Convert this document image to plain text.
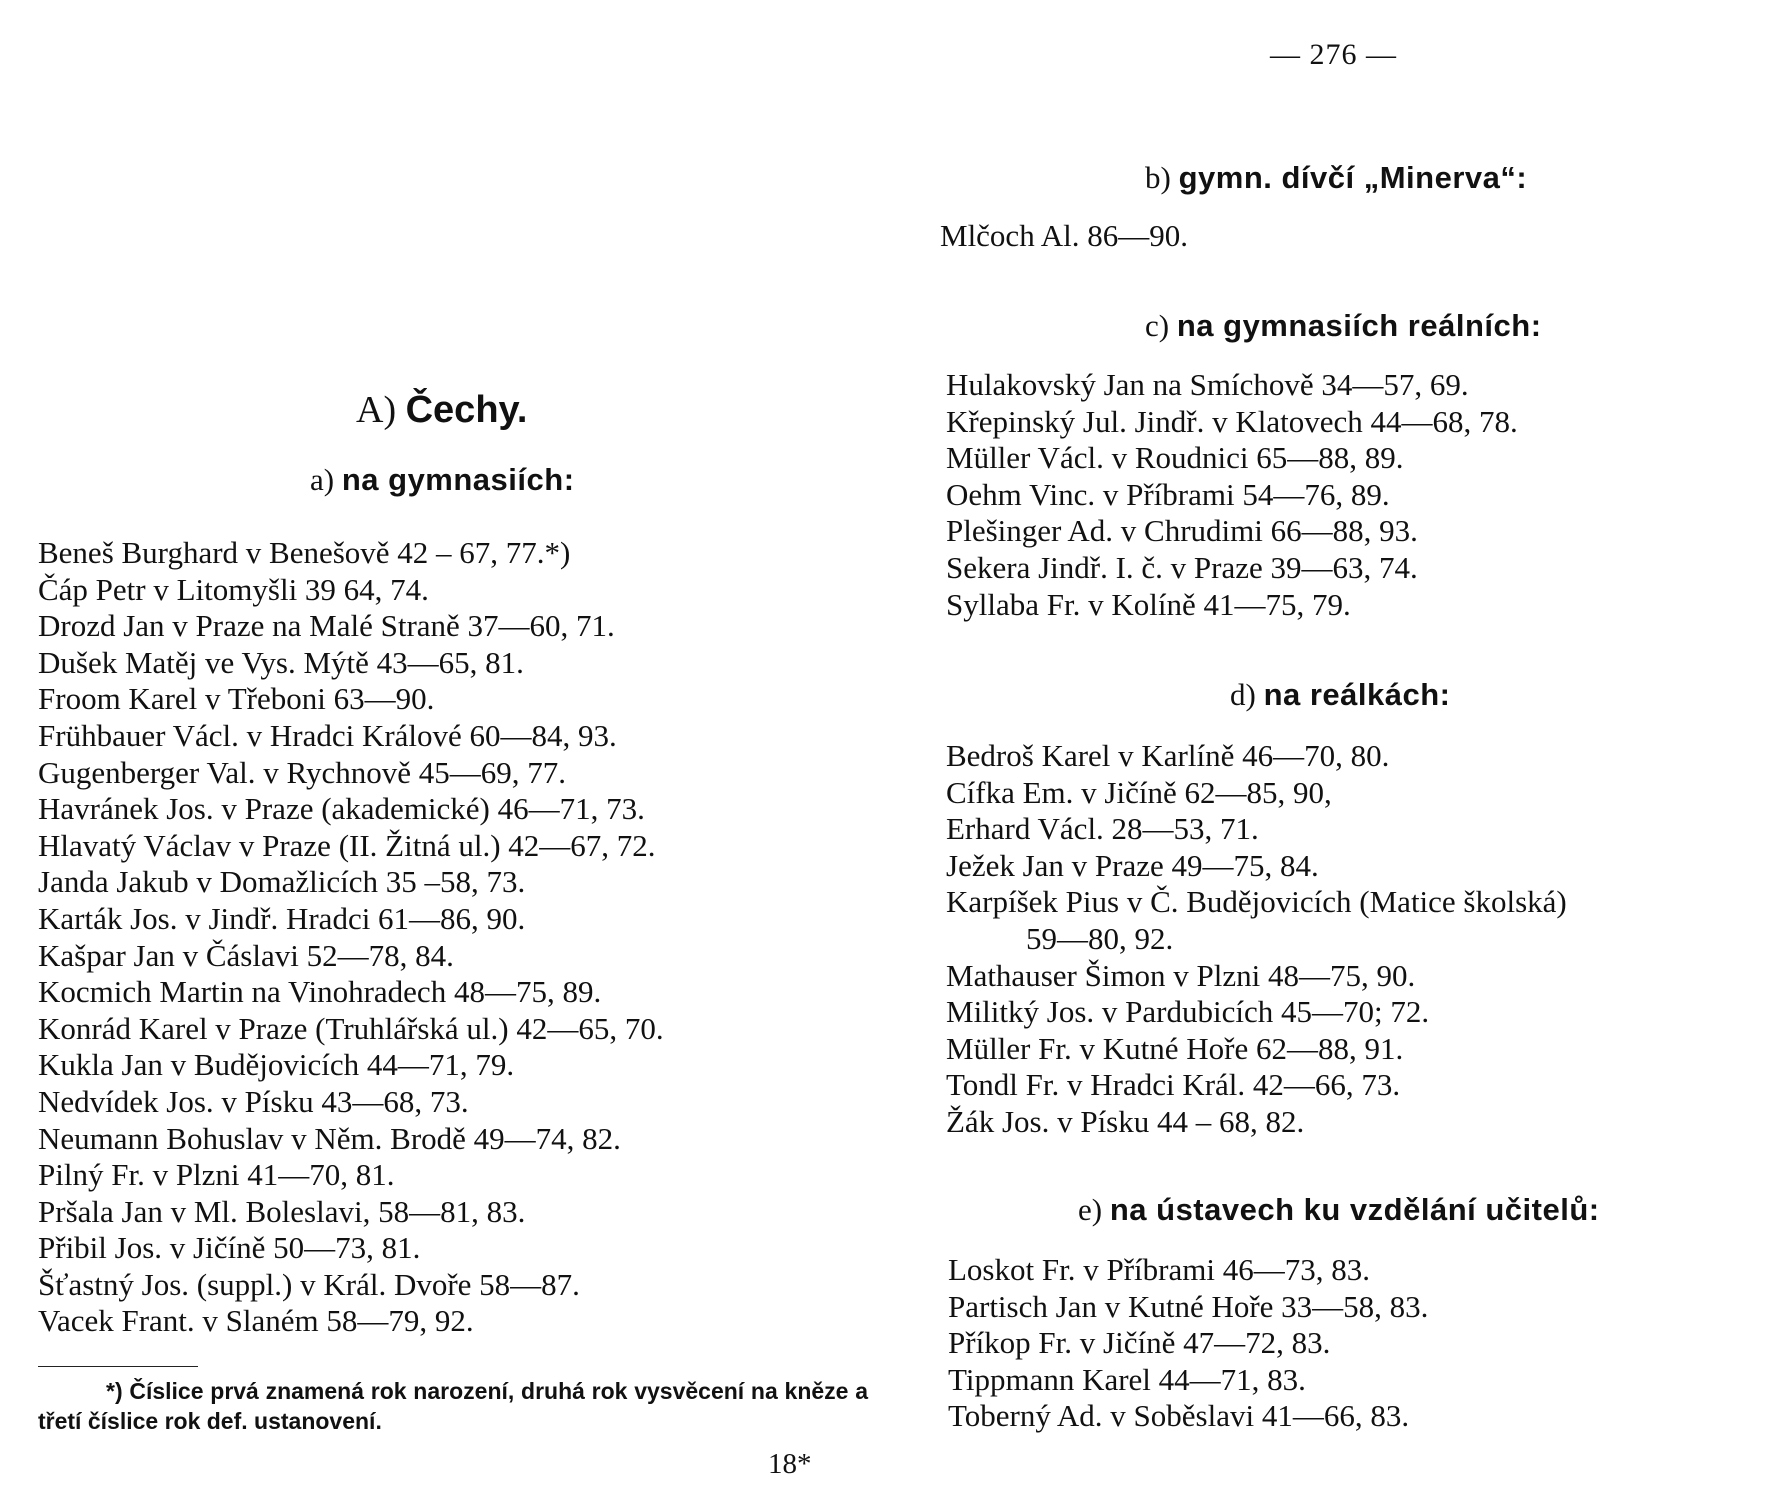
— 276 —
A) Čechy.
a) na gymnasiích:
Beneš Burghard v Benešově 42 – 67, 77.*)
Čáp Petr v Litomyšli 39 64, 74.
Drozd Jan v Praze na Malé Straně 37—60, 71.
Dušek Matěj ve Vys. Mýtě 43—65, 81.
Froom Karel v Třeboni 63—90.
Frühbauer Václ. v Hradci Králové 60—84, 93.
Gugenberger Val. v Rychnově 45—69, 77.
Havránek Jos. v Praze (akademické) 46—71, 73.
Hlavatý Václav v Praze (II. Žitná ul.) 42—67, 72.
Janda Jakub v Domažlicích 35 –58, 73.
Karták Jos. v Jindř. Hradci 61—86, 90.
Kašpar Jan v Čáslavi 52—78, 84.
Kocmich Martin na Vinohradech 48—75, 89.
Konrád Karel v Praze (Truhlářská ul.) 42—65, 70.
Kukla Jan v Budějovicích 44—71, 79.
Nedvídek Jos. v Písku 43—68, 73.
Neumann Bohuslav v Něm. Brodě 49—74, 82.
Pilný Fr. v Plzni 41—70, 81.
Pršala Jan v Ml. Boleslavi, 58—81, 83.
Přibil Jos. v Jičíně 50—73, 81.
Šťastný Jos. (suppl.) v Král. Dvoře 58—87.
Vacek Frant. v Slaném 58—79, 92.
*) Číslice prvá znamená rok narození, druhá rok vysvěcení na kněze a třetí číslice rok def. ustanovení.
b) gymn. dívčí „Minerva“:
Mlčoch Al. 86—90.
c) na gymnasiích reálních:
Hulakovský Jan na Smíchově 34—57, 69.
Křepinský Jul. Jindř. v Klatovech 44—68, 78.
Müller Václ. v Roudnici 65—88, 89.
Oehm Vinc. v Příbrami 54—76, 89.
Plešinger Ad. v Chrudimi 66—88, 93.
Sekera Jindř. I. č. v Praze 39—63, 74.
Syllaba Fr. v Kolíně 41—75, 79.
d) na reálkách:
Bedroš Karel v Karlíně 46—70, 80.
Cífka Em. v Jičíně 62—85, 90,
Erhard Václ. 28—53, 71.
Ježek Jan v Praze 49—75, 84.
Karpíšek Pius v Č. Budějovicích (Matice školská)
59—80, 92.
Mathauser Šimon v Plzni 48—75, 90.
Militký Jos. v Pardubicích 45—70; 72.
Müller Fr. v Kutné Hoře 62—88, 91.
Tondl Fr. v Hradci Král. 42—66, 73.
Žák Jos. v Písku 44 – 68, 82.
e) na ústavech ku vzdělání učitelů:
Loskot Fr. v Příbrami 46—73, 83.
Partisch Jan v Kutné Hoře 33—58, 83.
Příkop Fr. v Jičíně 47—72, 83.
Tippmann Karel 44—71, 83.
Toberný Ad. v Soběslavi 41—66, 83.
18*
